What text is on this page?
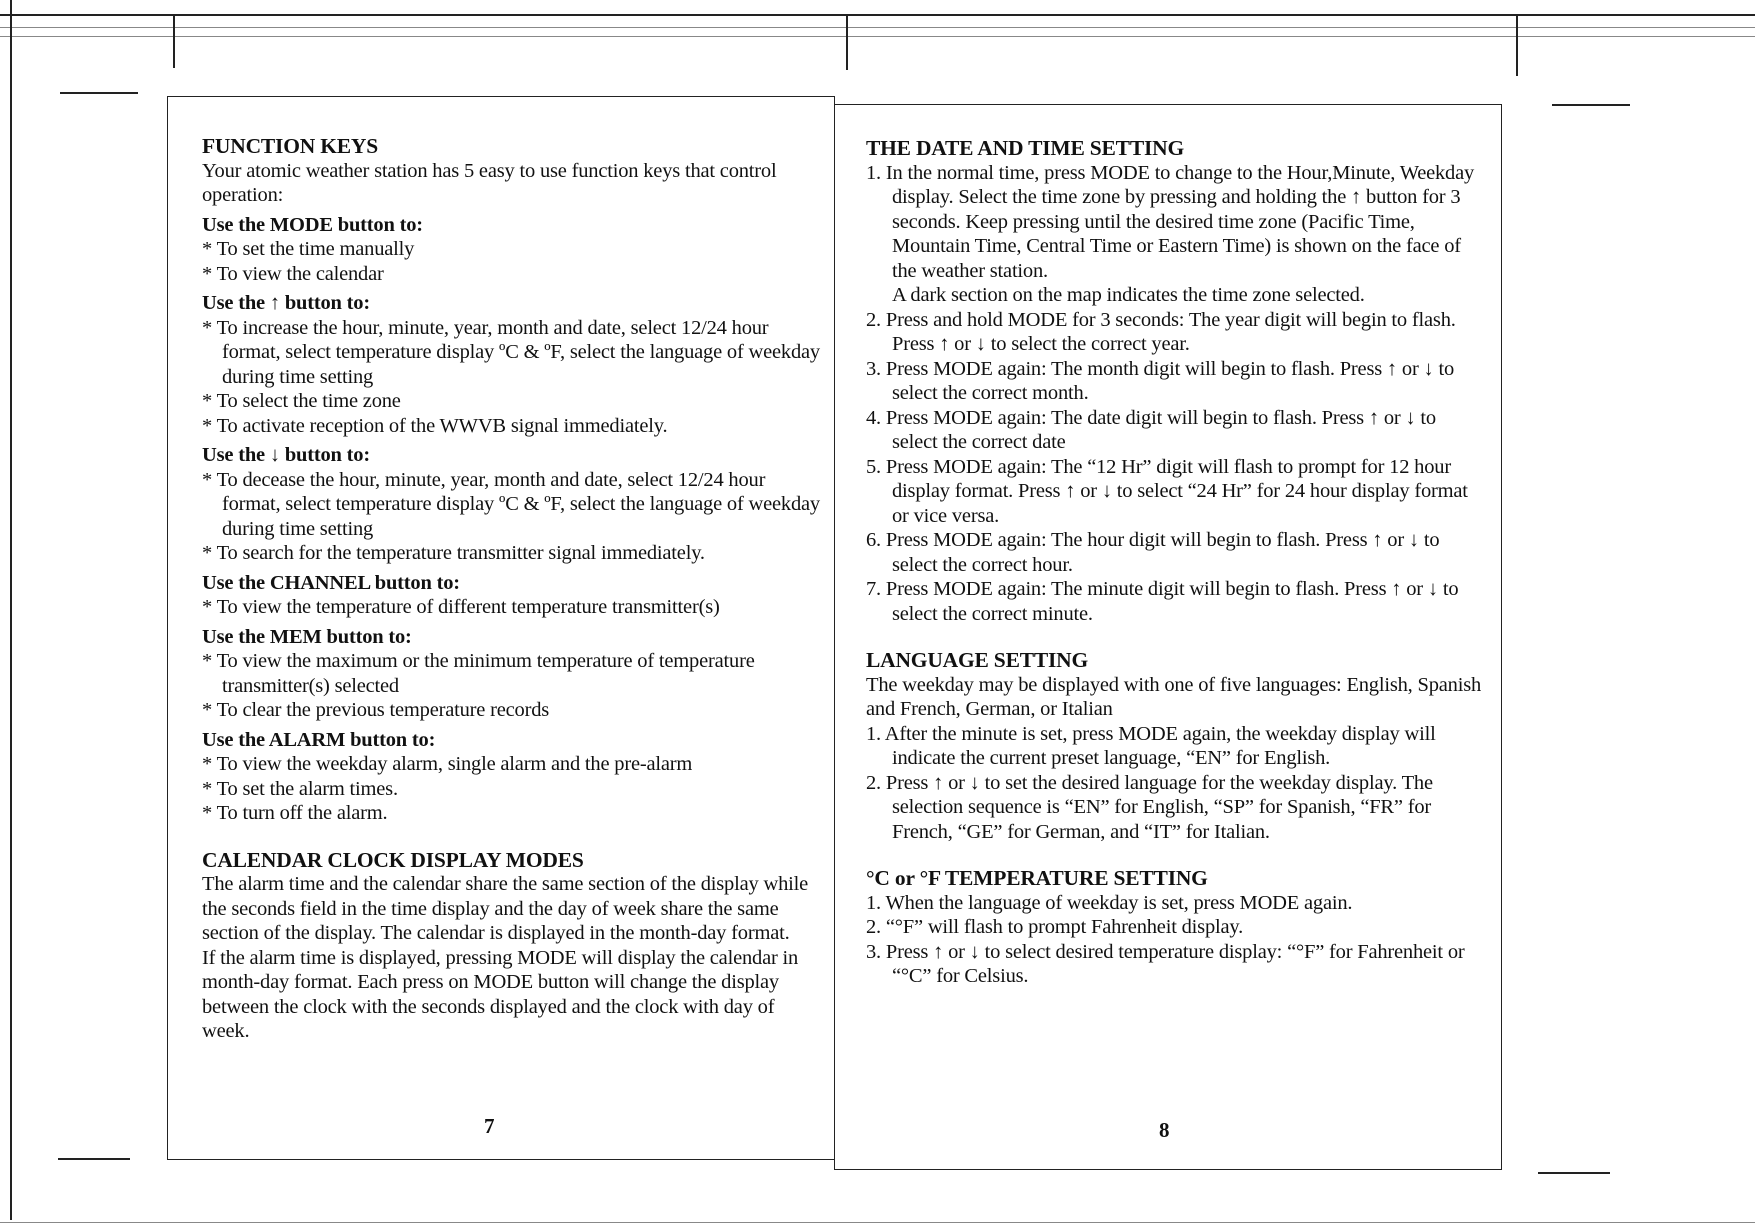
FUNCTION KEYS

Your atomic weather station has 5 easy to use function keys that control operation:

Use the MODE button to:

* To set the time manually

* To view the calendar

Use the ↑ button to:

* To increase the hour, minute, year, month and date, select 12/24 hour format, select temperature display ºC & ºF, select the language of weekday during time setting

* To select the time zone

* To activate reception of the WWVB signal immediately.

Use the ↓ button to:

* To decease the hour, minute, year, month and date, select 12/24 hour format, select temperature display ºC & ºF, select the language of weekday during time setting

* To search for the temperature transmitter signal immediately.

Use the CHANNEL button to:

* To view the temperature of different temperature transmitter(s)

Use the MEM button to:

* To view the maximum or the minimum temperature of temperature transmitter(s) selected

* To clear the previous temperature records

Use the ALARM button to:

* To view the weekday alarm, single alarm and the pre-alarm

* To set the alarm times.

* To turn off the alarm.

CALENDAR CLOCK DISPLAY MODES

The alarm time and the calendar share the same section of the display while the seconds field in the time display and the day of week share the same section of the display. The calendar is displayed in the month-day format.

If the alarm time is displayed, pressing MODE will display the calendar in month-day format. Each press on MODE button will change the display between the clock with the seconds displayed and the clock with day of week.

7
THE DATE AND TIME SETTING

1. In the normal time, press MODE to change to the Hour,Minute, Weekday display. Select the time zone by pressing and holding the ↑ button for 3 seconds. Keep pressing until the desired time zone (Pacific Time, Mountain Time, Central Time or Eastern Time) is shown on the face of the weather station.

A dark section on the map indicates the time zone selected.

2. Press and hold MODE for 3 seconds: The year digit will begin to flash. Press ↑ or ↓ to select the correct year.

3. Press MODE again: The month digit will begin to flash. Press ↑ or ↓ to select the correct month.

4. Press MODE again: The date digit will begin to flash. Press ↑ or ↓ to select the correct date

5. Press MODE again: The “12 Hr” digit will flash to prompt for 12 hour display format. Press ↑ or ↓ to select “24 Hr” for 24 hour display format or vice versa.

6. Press MODE again: The hour digit will begin to flash. Press ↑ or ↓ to select the correct hour.

7. Press MODE again: The minute digit will begin to flash. Press ↑ or ↓ to select the correct minute.

LANGUAGE SETTING

The weekday may be displayed with one of five languages: English, Spanish and French, German, or Italian

1. After the minute is set, press MODE again, the weekday display will indicate the current preset language, “EN” for English.

2. Press ↑ or ↓ to set the desired language for the weekday display. The selection sequence is “EN” for English, “SP” for Spanish, “FR” for French, “GE” for German, and “IT” for Italian.

°C or °F TEMPERATURE SETTING

1. When the language of weekday is set, press MODE again.

2. “°F” will flash to prompt Fahrenheit display.

3. Press ↑ or ↓ to select desired temperature display: “°F” for Fahrenheit or “°C” for Celsius.

8
